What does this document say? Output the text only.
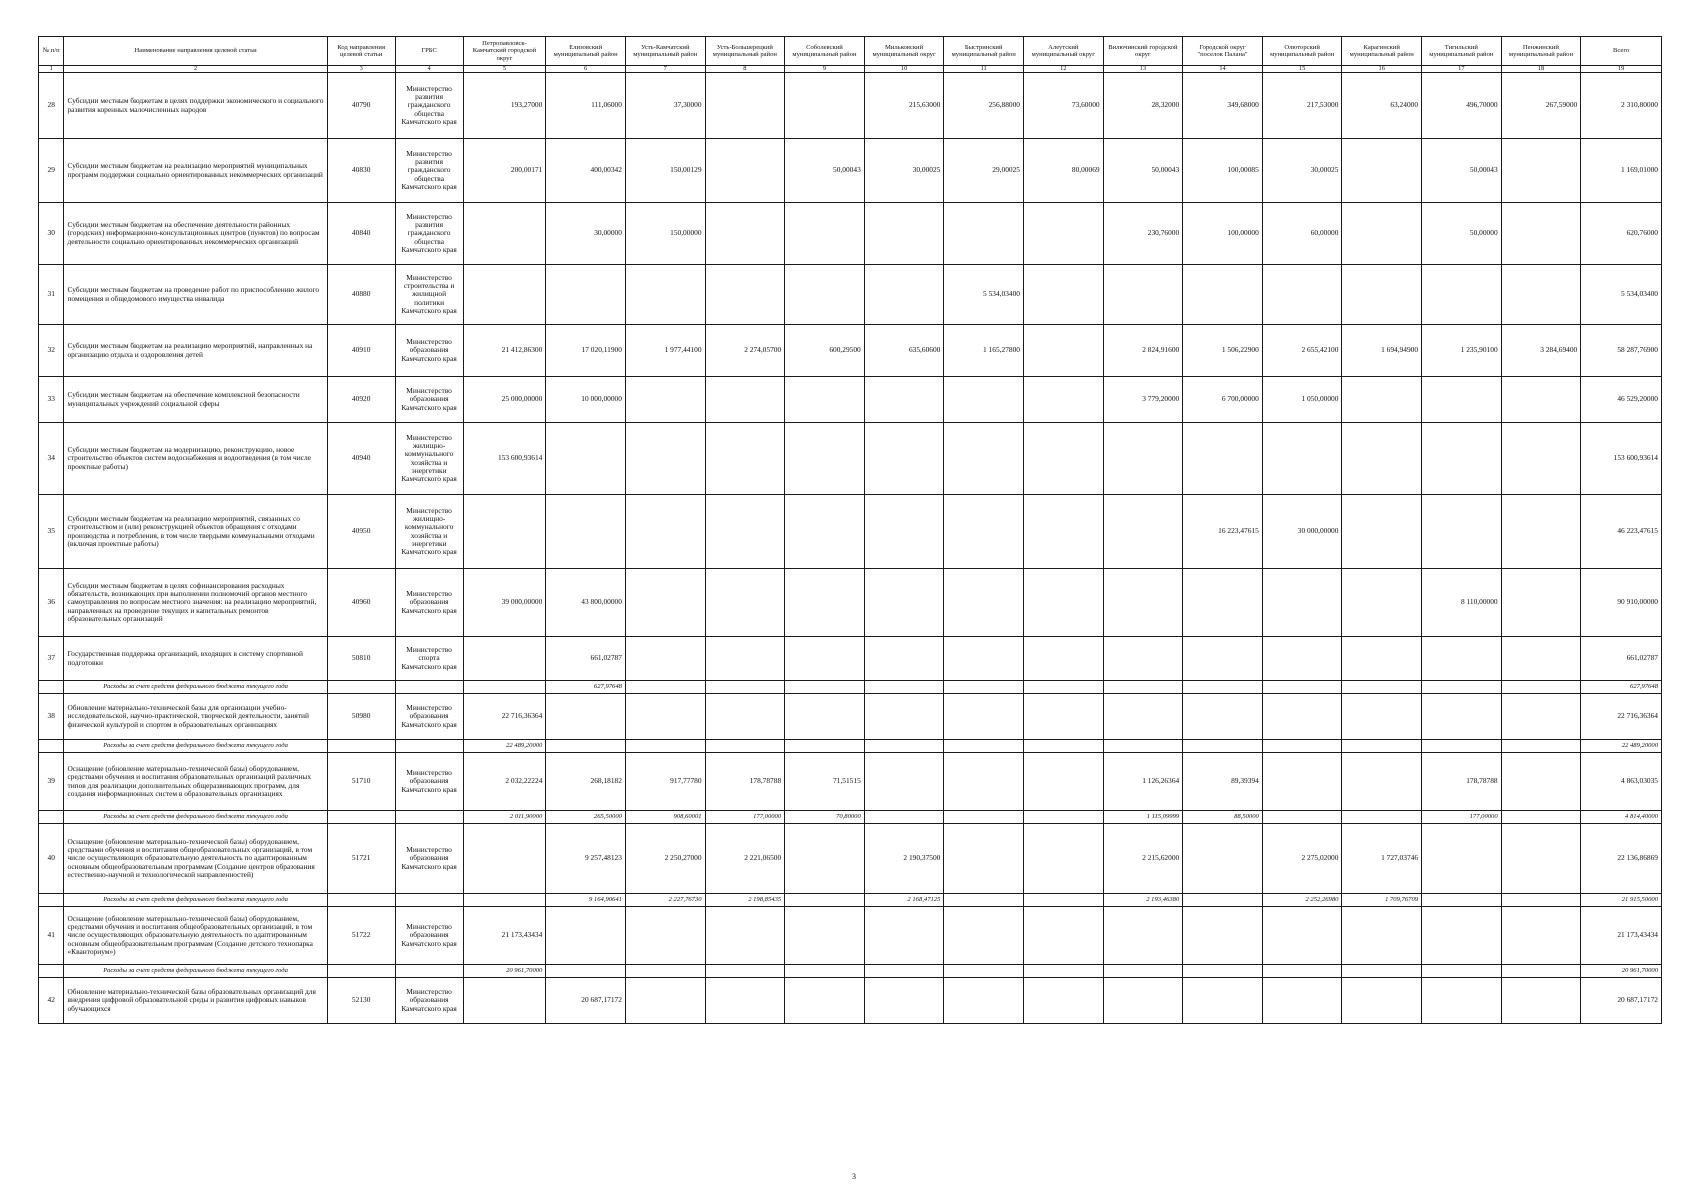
№ п/п	Наименование направления целевой статьи	Код направления целевой статьи	ГРБС	Петропавловск-Камчатский городской округ	Елизовский муниципальный район	Усть-Камчатский муниципальный район	Усть-Большерецкий муниципальный район	Соболевский муниципальный район	Мильковский муниципальный округ	Быстринский муниципальный район	Алеутский муниципальный округ	Вилючинский городской округ	Городской округ "поселок Палана"	Олюторский муниципальный район	Карагинский муниципальный район	Тигильский муниципальный район	Пенжинский муниципальный район	Всего
1	2	3	4	5	6	7	8	9	10	11	12	13	14	15	16	17	18	19
28	Субсидии местным бюджетам в целях поддержки экономического и социального развития коренных малочисленных народов	40790	Министерство развития гражданского общества Камчатского края	193,27000	111,06000	37,30000			215,63000	256,88000	73,60000	28,32000	349,68000	217,53000	63,24000	496,70000	267,59000	2 310,80000
29	Субсидии местным бюджетам на реализацию мероприятий муниципальных программ поддержки социально ориентированных некоммерческих организаций	40830	Министерство развития гражданского общества Камчатского края	200,00171	400,00342	150,00129		50,00043	30,00025	29,00025	80,00069	50,00043	100,00085	30,00025		50,00043		1 169,01000
30	Субсидии местным бюджетам на обеспечение деятельности районных (городских) информационно-консультационных центров (пунктов) по вопросам деятельности социально ориентированных некоммерческих организаций	40840	Министерство развития гражданского общества Камчатского края		30,00000	150,00000						230,76000	100,00000	60,00000		50,00000		620,76000
31	Субсидии местным бюджетам на проведение работ по приспособлению жилого помещения и общедомового имущества инвалида	40880	Министерство строительства и жилищной политики Камчатского края							5 534,03400								5 534,03400
32	Субсидии местным бюджетам на реализацию мероприятий, направленных на организацию отдыха и оздоровления детей	40910	Министерство образования Камчатского края	21 412,86300	17 020,11900	1 977,44100	2 274,05700	600,29500	635,60600	1 165,27800		2 824,91600	1 506,22900	2 655,42100	1 694,94900	1 235,90100	3 284,69400	58 287,76900
33	Субсидии местным бюджетам на обеспечение комплексной безопасности муниципальных учреждений социальной сферы	40920	Министерство образования Камчатского края	25 000,00000	10 000,00000							3 779,20000	6 700,00000	1 050,00000				46 529,20000
34	Субсидии местным бюджетам на модернизацию, реконструкцию, новое строительство объектов систем водоснабжения и водоотведения (в том числе проектные работы)	40940	Министерство жилищно-коммунального хозяйства и энергетики Камчатского края	153 600,93614														153 600,93614
35	Субсидии местным бюджетам на реализацию мероприятий, связанных со строительством и (или) реконструкцией объектов обращения с отходами производства и потребления, в том числе твердыми коммунальными отходами (включая проектные работы)	40950	Министерство жилищно-коммунального хозяйства и энергетики Камчатского края										16 223,47615	30 000,00000				46 223,47615
36	Субсидии местным бюджетам в целях софинансирования расходных обязательств, возникающих при выполнении полномочий органов местного самоуправления по вопросам местного значения: на реализацию мероприятий, направленных на проведение текущих и капитальных ремонтов образовательных организаций	40960	Министерство образования Камчатского края	39 000,00000	43 800,00000											8 110,00000		90 910,00000
37	Государственная поддержка организаций, входящих в систему спортивной подготовки	50810	Министерство спорта Камчатского края		661,02787													661,02787
	Расходы за счет средств федерального бюджета текущего года				627,97648													627,97648
38	Обновление материально-технической базы для организации учебно-исследовательской, научно-практической, творческой деятельности, занятий физической культурой и спортом в образовательных организациях	50980	Министерство образования Камчатского края	22 716,36364														22 716,36364
	Расходы за счет средств федерального бюджета текущего года			22 489,20000														22 489,20000
39	Оснащение (обновление материально-технической базы) оборудованием, средствами обучения и воспитания образовательных организаций различных типов для реализации дополнительных общеразвивающих программ, для создания информационных систем в образовательных организациях	51710	Министерство образования Камчатского края	2 032,22224	268,18182	917,77780	178,78788	71,51515				1 126,26364	89,39394			178,78788		4 863,03035
	Расходы за счет средств федерального бюджета текущего года			2 011,90000	265,50000	908,60001	177,00000	70,80000				1 115,09999	88,50000			177,00000		4 814,40000
40	Оснащение (обновление материально-технической базы) оборудованием, средствами обучения и воспитания общеобразовательных организаций, в том числе осуществляющих образовательную деятельность по адаптированным основным общеобразовательным программам (Создание центров образования естественно-научной и технологической направленностей)	51721	Министерство образования Камчатского края		9 257,48123	2 250,27000	2 221,06500		2 190,37500			2 215,62000		2 275,02000	1 727,03746			22 136,86869
	Расходы за счет средств федерального бюджета текущего года				9 164,90641	2 227,76730	2 198,85435		2 168,47125			2 193,46380		2 252,26980	1 709,76709			21 915,50000
41	Оснащение (обновление материально-технической базы) оборудованием, средствами обучения и воспитания общеобразовательных организаций, в том числе осуществляющих образовательную деятельность по адаптированным основным общеобразовательным программам (Создание детского технопарка «Кванториум»)	51722	Министерство образования Камчатского края	21 173,43434														21 173,43434
	Расходы за счет средств федерального бюджета текущего года			20 961,70000														20 961,70000
42	Обновление материально-технической базы образовательных организаций для внедрения цифровой образовательной среды и развития цифровых навыков обучающихся	52130	Министерство образования Камчатского края		20 687,17172													20 687,17172
3
